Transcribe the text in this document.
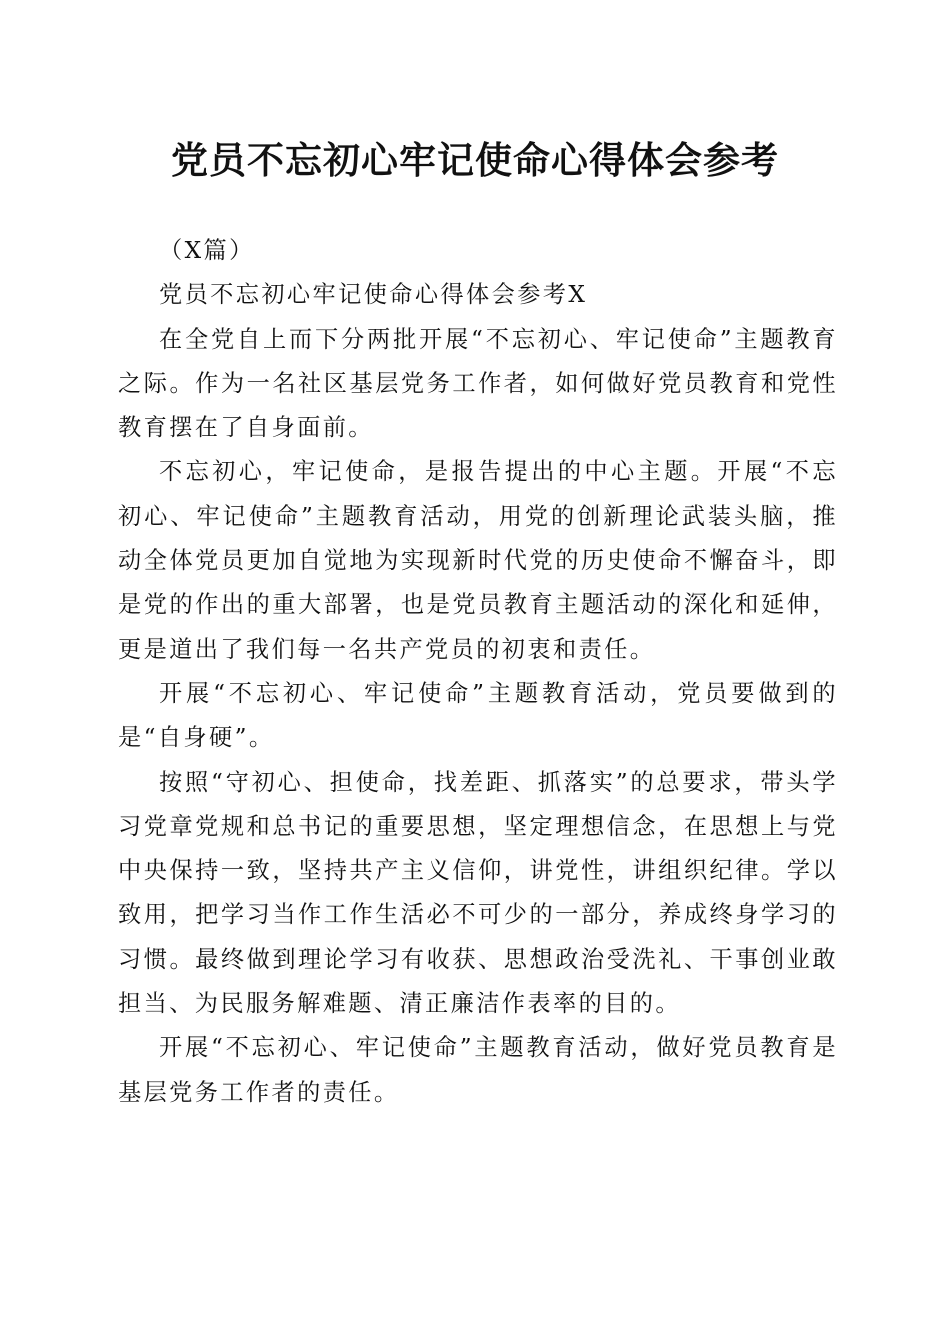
党员不忘初心牢记使命心得体会参考

（X篇）

党员不忘初心牢记使命心得体会参考X

在全党自上而下分两批开展“不忘初心、牢记使命”主题教育之际。作为一名社区基层党务工作者，如何做好党员教育和党性教育摆在了自身面前。

不忘初心，牢记使命，是报告提出的中心主题。开展“不忘初心、牢记使命”主题教育活动，用党的创新理论武装头脑，推动全体党员更加自觉地为实现新时代党的历史使命不懈奋斗，即是党的作出的重大部署，也是党员教育主题活动的深化和延伸，更是道出了我们每一名共产党员的初衷和责任。

开展“不忘初心、牢记使命”主题教育活动，党员要做到的是“自身硬”。

按照“守初心、担使命，找差距、抓落实”的总要求，带头学习党章党规和总书记的重要思想，坚定理想信念，在思想上与党中央保持一致，坚持共产主义信仰，讲党性，讲组织纪律。学以致用，把学习当作工作生活必不可少的一部分，养成终身学习的习惯。最终做到理论学习有收获、思想政治受洗礼、干事创业敢担当、为民服务解难题、清正廉洁作表率的目的。

开展“不忘初心、牢记使命”主题教育活动，做好党员教育是基层党务工作者的责任。
